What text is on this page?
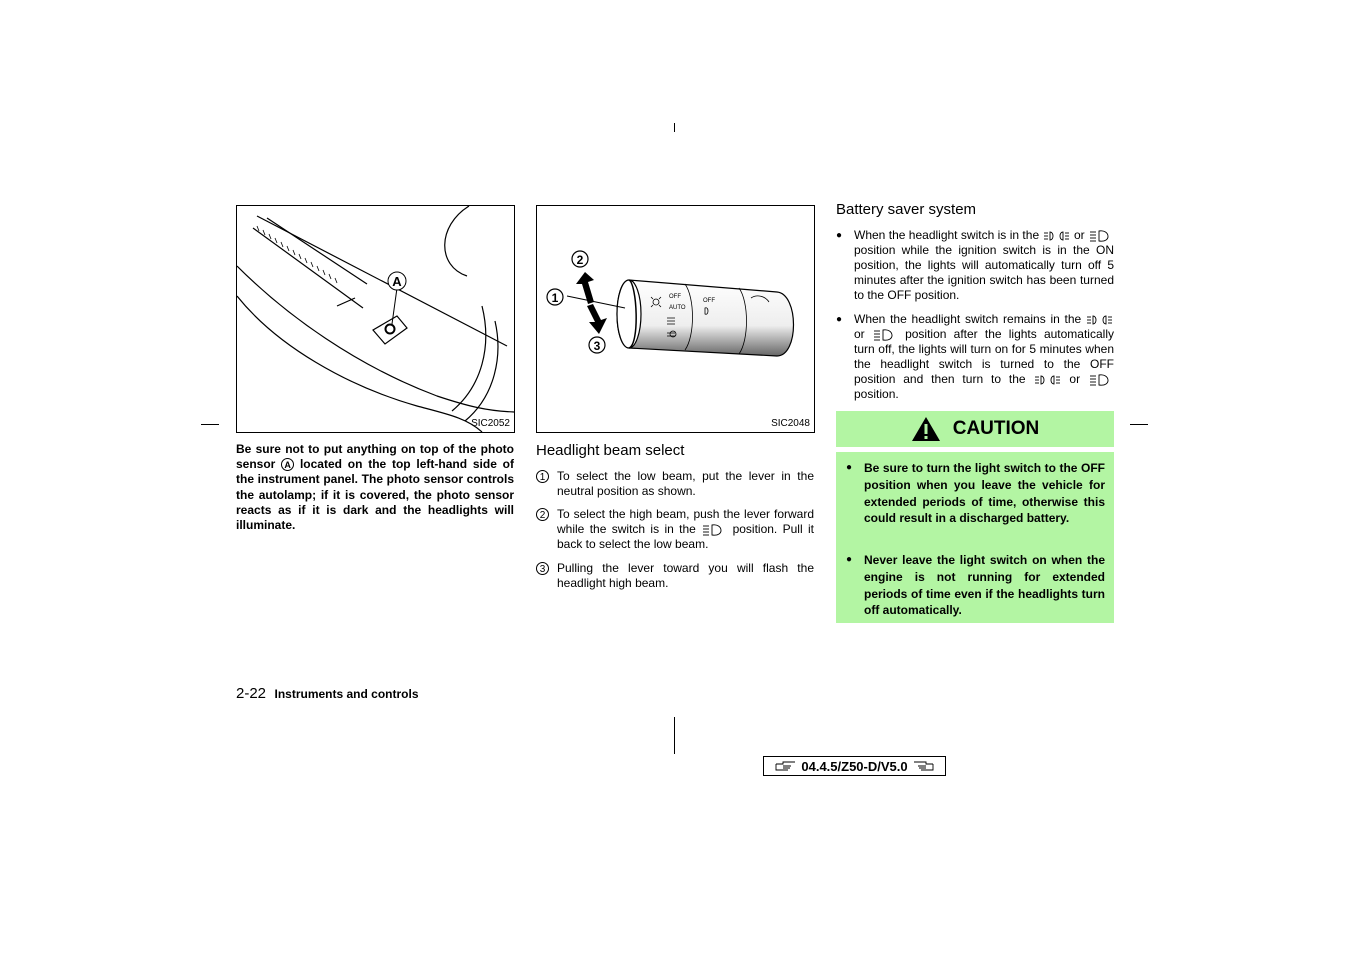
A
SIC2052
Be sure not to put anything on top of the photo sensor A located on the top left-hand side of the instrument panel. The photo sensor controls the autolamp; if it is covered, the photo sensor reacts as if it is dark and the headlights will illuminate.
OFF
AUTO
OFF
1
2
3
SIC2048
Headlight beam select
1 To select the low beam, put the lever in the neutral position as shown.
2 To select the high beam, push the lever forward while the switch is in the	position. Pull it back to select the low beam.
3 Pulling the lever toward you will flash the headlight high beam.
Battery saver system
● When the headlight switch is in the	or  position while the ignition switch is in the ON position, the lights will automatically turn off 5 minutes after the ignition switch has been turned to the OFF position.
● When the headlight switch remains in the  or	position after the lights automatically turn off, the lights will turn on for 5 minutes when the headlight switch is turned to the OFF position and then turn to the	or  position.
CAUTION
● Be sure to turn the light switch to the OFF position when you leave the vehicle for extended periods of time, otherwise this could result in a discharged battery.
● Never leave the light switch on when the engine is not running for extended periods of time even if the headlights turn off automatically.
2-22 Instruments and controls
04.4.5/Z50-D/V5.0
